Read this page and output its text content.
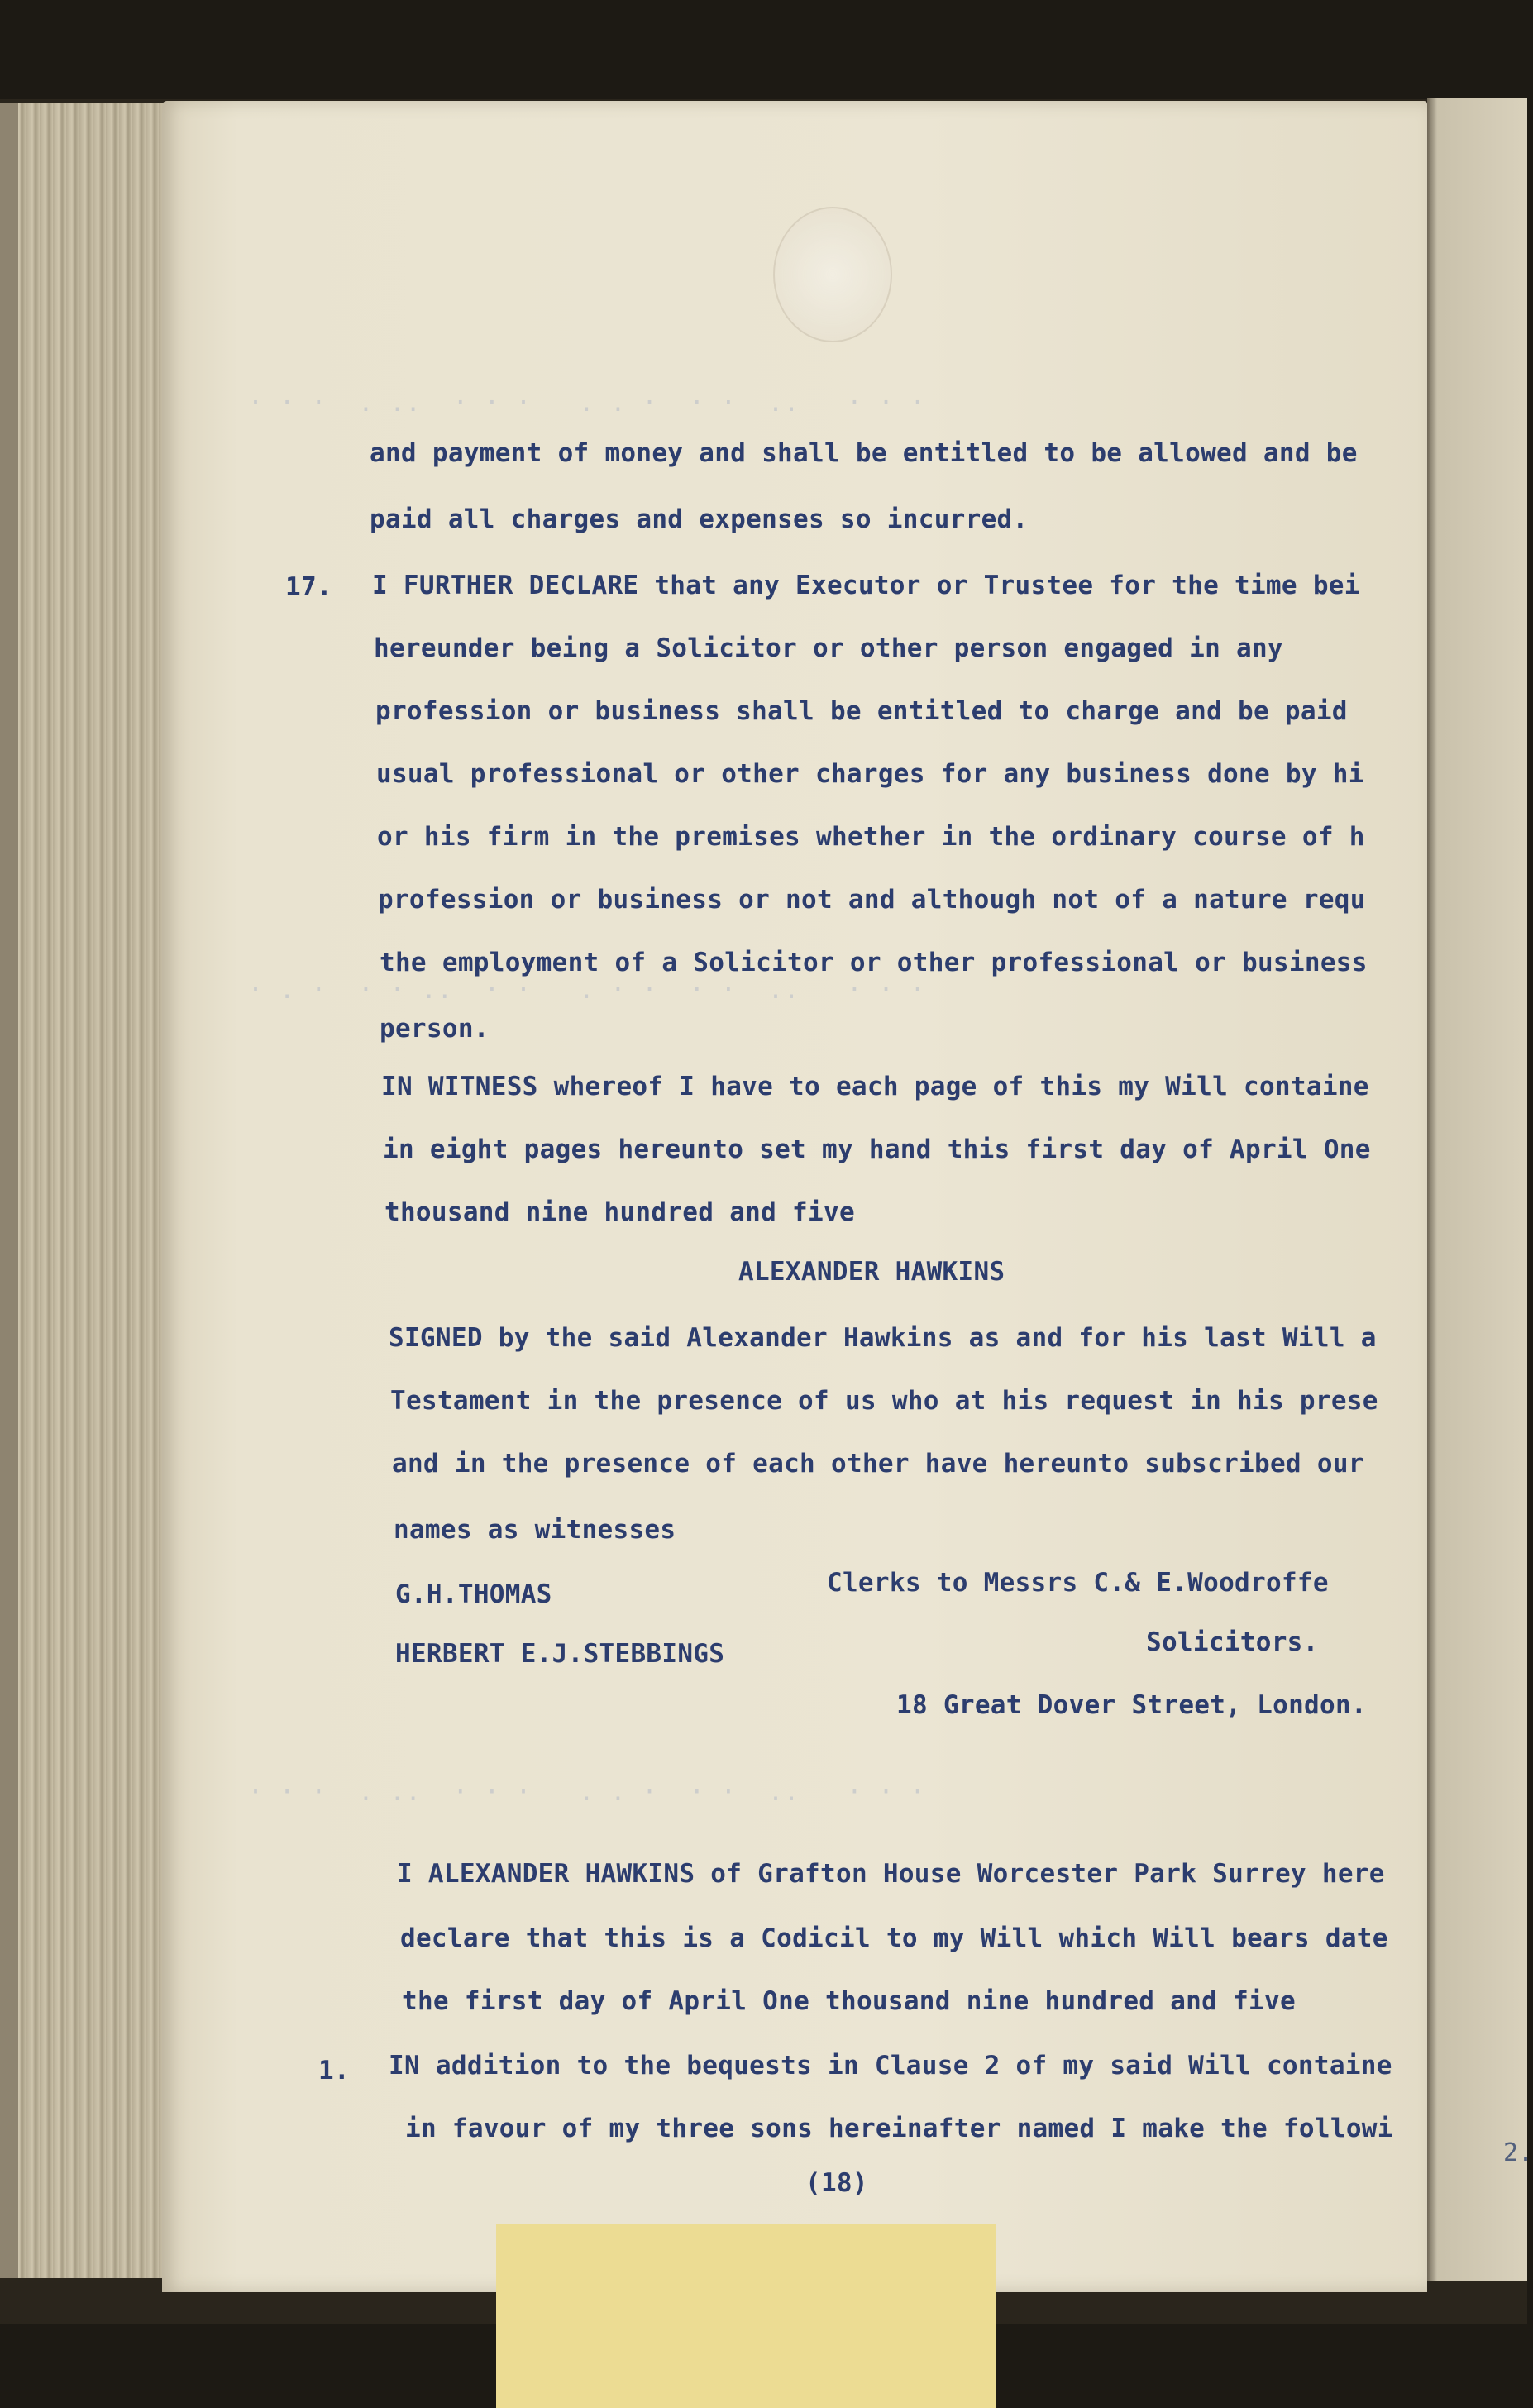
2.
· · ·  . ..  · · ·   . . ·  · ·  ..   · · ·
· . ·  · · ..  · ·   . · ·  · ·  ..   · · ·
· · ·  . ..  · · ·   . . ·  · ·  ..   · · ·
and payment of money and shall be entitled to be allowed and be
paid all charges and expenses so incurred.
17. I FURTHER DECLARE that any Executor or Trustee for the time bei
hereunder being a Solicitor or other person engaged in any
profession or business shall be entitled to charge and be paid
usual professional or other charges for any business done by hi
or his firm in the premises whether in the ordinary course of h
profession or business or not and although not of a nature requ
the employment of a Solicitor or other professional or business
person.
IN WITNESS whereof I have to each page of this my Will containe
in eight pages hereunto set my hand this first day of April One
thousand nine hundred and five
ALEXANDER HAWKINS
SIGNED by the said Alexander Hawkins as and for his last Will a
Testament in the presence of us who at his request in his prese
and in the presence of each other have hereunto subscribed our
names as witnesses
G.H.THOMAS	Clerks to Messrs C.& E.Woodroffe
HERBERT E.J.STEBBINGS	Solicitors.
18 Great Dover Street, London.
I ALEXANDER HAWKINS of Grafton House Worcester Park Surrey here
declare that this is a Codicil to my Will which Will bears date
the first day of April One thousand nine hundred and five
1. IN addition to the bequests in Clause 2 of my said Will containe
in favour of my three sons hereinafter named I make the followi
(18)
